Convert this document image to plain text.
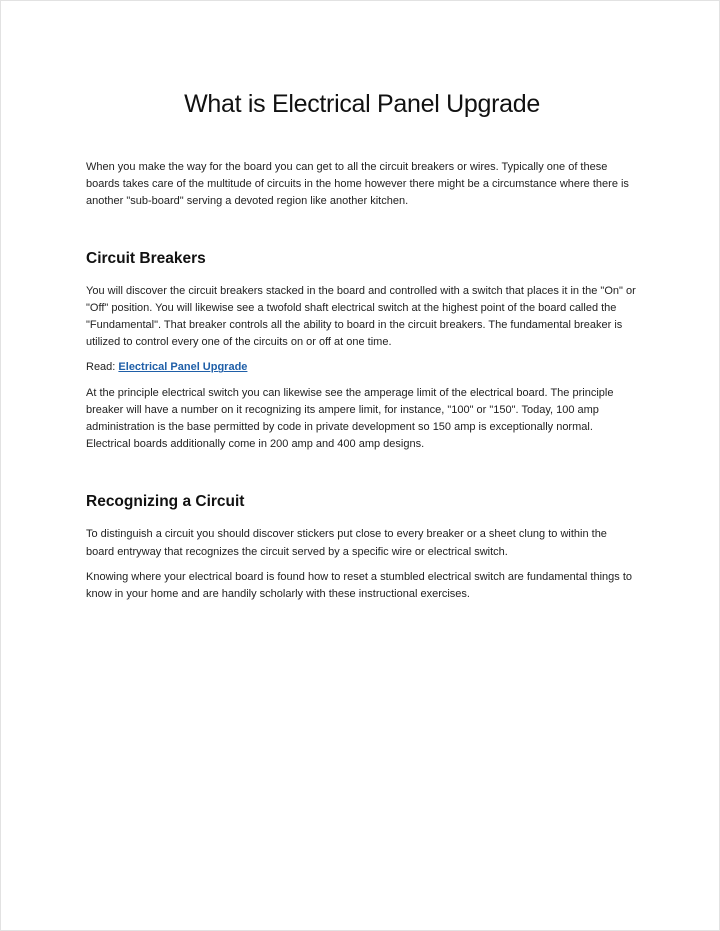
What is Electrical Panel Upgrade

When you make the way for the board you can get to all the circuit breakers or wires. Typically one of these boards takes care of the multitude of circuits in the home however there might be a circumstance where there is another "sub-board" serving a devoted region like another kitchen.

Circuit Breakers

You will discover the circuit breakers stacked in the board and controlled with a switch that places it in the "On" or "Off" position. You will likewise see a twofold shaft electrical switch at the highest point of the board called the "Fundamental". That breaker controls all the ability to board in the circuit breakers. The fundamental breaker is utilized to control every one of the circuits on or off at one time.

Read: Electrical Panel Upgrade

At the principle electrical switch you can likewise see the amperage limit of the electrical board. The principle breaker will have a number on it recognizing its ampere limit, for instance, "100" or "150". Today, 100 amp administration is the base permitted by code in private development so 150 amp is exceptionally normal. Electrical boards additionally come in 200 amp and 400 amp designs.

Recognizing a Circuit

To distinguish a circuit you should discover stickers put close to every breaker or a sheet clung to within the board entryway that recognizes the circuit served by a specific wire or electrical switch.

Knowing where your electrical board is found how to reset a stumbled electrical switch are fundamental things to know in your home and are handily scholarly with these instructional exercises.
